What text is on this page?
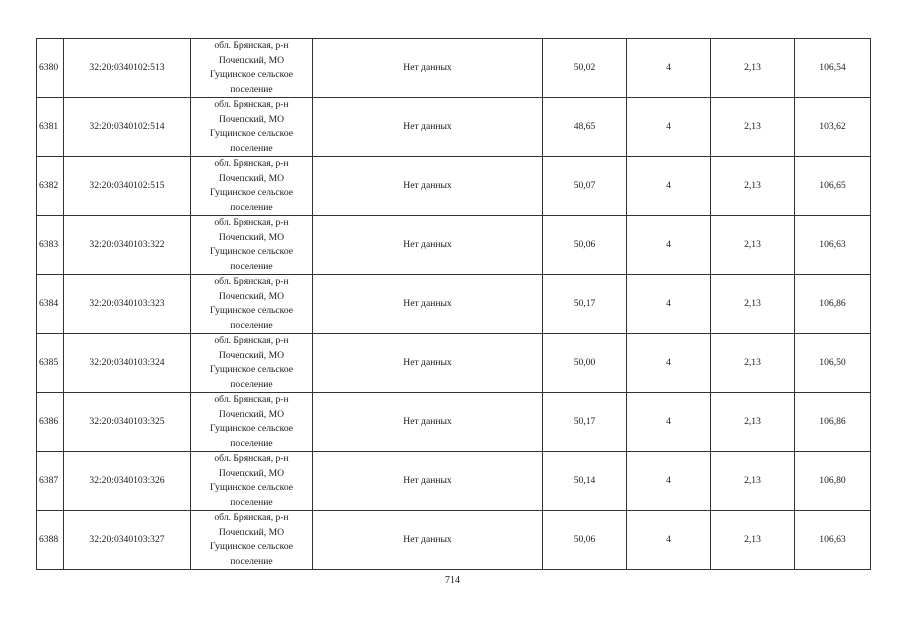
6380	32:20:0340102:513	обл. Брянская, р-н
Почепский, МО
Гущинское сельское
поселение	Нет данных	50,02	4	2,13	106,54
6381	32:20:0340102:514	обл. Брянская, р-н
Почепский, МО
Гущинское сельское
поселение	Нет данных	48,65	4	2,13	103,62
6382	32:20:0340102:515	обл. Брянская, р-н
Почепский, МО
Гущинское сельское
поселение	Нет данных	50,07	4	2,13	106,65
6383	32:20:0340103:322	обл. Брянская, р-н
Почепский, МО
Гущинское сельское
поселение	Нет данных	50,06	4	2,13	106,63
6384	32:20:0340103:323	обл. Брянская, р-н
Почепский, МО
Гущинское сельское
поселение	Нет данных	50,17	4	2,13	106,86
6385	32:20:0340103:324	обл. Брянская, р-н
Почепский, МО
Гущинское сельское
поселение	Нет данных	50,00	4	2,13	106,50
6386	32:20:0340103:325	обл. Брянская, р-н
Почепский, МО
Гущинское сельское
поселение	Нет данных	50,17	4	2,13	106,86
6387	32:20:0340103:326	обл. Брянская, р-н
Почепский, МО
Гущинское сельское
поселение	Нет данных	50,14	4	2,13	106,80
6388	32:20:0340103:327	обл. Брянская, р-н
Почепский, МО
Гущинское сельское
поселение	Нет данных	50,06	4	2,13	106,63
714
